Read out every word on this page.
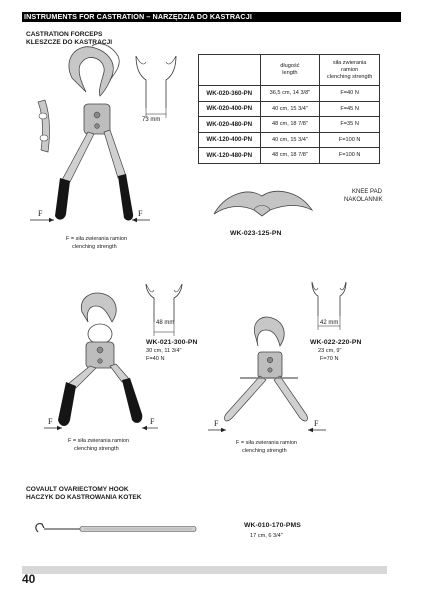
INSTRUMENTS FOR CASTRATION – NARZĘDZIA DO KASTRACJI
CASTRATION FORCEPS
KLESZCZE DO KASTRACJI
73 mm
F	F
F = siła zwierania ramion
clenching strength

	długość
length	siła zwierania
ramion
clenching strength

WK-020-360-PN	36,5 cm, 14 3/8"	F=40 N
WK-020-400-PN	40 cm, 15 3/4"	F=45 N
WK-020-480-PN	48 cm, 18 7/8"	F=35 N
WK-120-400-PN	40 cm, 15 3/4"	F=100 N
WK-120-480-PN	48 cm, 18 7/8"	F=100 N
KNEE PAD
NAKOLANNIK
WK-023-125-PN
48 mm
WK-021-300-PN
30 cm, 11 3/4"
F=40 N
F	F
F = siła zwierania ramion
clenching strength
42 mm
WK-022-220-PN
23 cm, 9"
F=70 N
F	F
F = siła zwierania ramion
clenching strength
COVAULT OVARIECTOMY HOOK
HACZYK DO KASTROWANIA KOTEK
WK-010-170-PMS
17 cm, 6 3/4"
40
